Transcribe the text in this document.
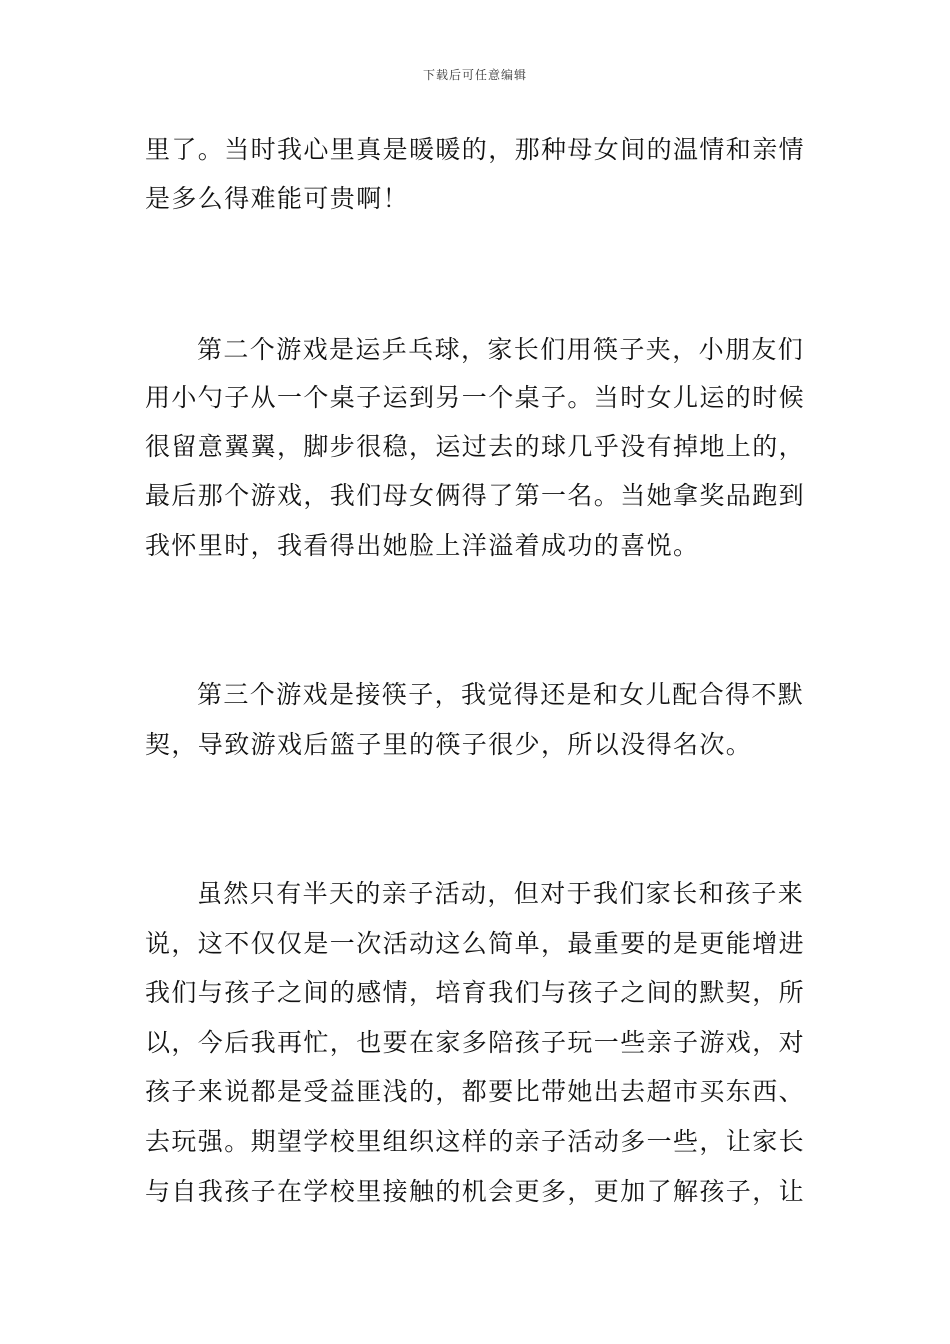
下载后可任意编辑
里了。当时我心里真是暖暖的，那种母女间的温情和亲情
是多么得难能可贵啊！
第二个游戏是运乒乓球，家长们用筷子夹，小朋友们
用小勺子从一个桌子运到另一个桌子。当时女儿运的时候
很留意翼翼，脚步很稳，运过去的球几乎没有掉地上的，
最后那个游戏，我们母女俩得了第一名。当她拿奖品跑到
我怀里时，我看得出她脸上洋溢着成功的喜悦。
第三个游戏是接筷子，我觉得还是和女儿配合得不默
契，导致游戏后篮子里的筷子很少，所以没得名次。
虽然只有半天的亲子活动，但对于我们家长和孩子来
说，这不仅仅是一次活动这么简单，最重要的是更能增进
我们与孩子之间的感情，培育我们与孩子之间的默契，所
以，今后我再忙，也要在家多陪孩子玩一些亲子游戏，对
孩子来说都是受益匪浅的，都要比带她出去超市买东西、
去玩强。期望学校里组织这样的亲子活动多一些，让家长
与自我孩子在学校里接触的机会更多，更加了解孩子，让
